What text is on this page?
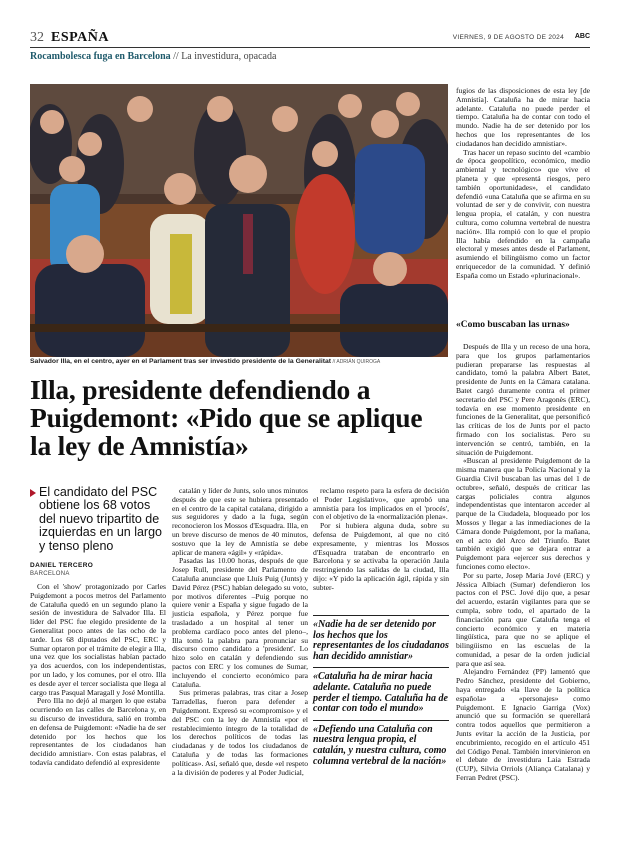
32 ESPAÑA	VIERNES, 9 DE AGOSTO DE 2024 ABC
Rocambolesca fuga en Barcelona // La investidura, opacada
Salvador Illa, en el centro, ayer en el Parlament tras ser investido presidente de la Generalitat // ADRIÁN QUIROGA
Illa, presidente defendiendo a Puigdemont: «Pido que se aplique la ley de Amnistía»
El candidato del PSC obtiene los 68 votos del nuevo tripartito de izquierdas en un largo y tenso pleno
DANIEL TERCERO
BARCELONA

Con el 'show' protagonizado por Carles Puigdemont a pocos metros del Parlamento de Cataluña quedó en un segundo plano la sesión de investidura de Salvador Illa. El líder del PSC fue elegido presidente de la Generalitat poco antes de las ocho de la tarde. Los 68 diputados del PSC, ERC y Sumar optaron por el trámite de elegir a Illa, una vez que los socialistas habían pactado ya dos acuerdos, con los independentistas, por un lado, y los comunes, por el otro. Illa es desde ayer el tercer socialista que llega al cargo tras Pasqual Maragall y José Montilla.

Pero Illa no dejó al margen lo que estaba ocurriendo en las calles de Barcelona y, en su discurso de investidura, salió en tromba en defensa de Puigdemont: «Nadie ha de ser detenido por los hechos que los representantes de los ciudadanos han decidido amnistiar». Con estas palabras, el todavía candidato defendió al expresidente

catalán y líder de Junts, solo unos minutos después de que este se hubiera presentado en el centro de la capital catalana, dirigido a sus seguidores y dado a la fuga, según reconocieron los Mossos d'Esquadra. Illa, en un breve discurso de menos de 40 minutos, sostuvo que la ley de Amnistía se debe aplicar de manera «ágil» y «rápida».

Pasadas las 10.00 horas, después de que Josep Rull, presidente del Parlamento de Cataluña anunciase que Lluís Puig (Junts) y David Pérez (PSC) habían delegado su voto, por motivos diferentes –Puig porque no quiere venir a España y sigue fugado de la justicia española, y Pérez porque fue trasladado a un hospital al tener un problema cardíaco poco antes del pleno–, Illa tomó la palabra para pronunciar su discurso como candidato a 'president'. Lo hizo solo en catalán y defendiendo sus pactos con ERC y los comunes de Sumar, incluyendo el concierto económico para Cataluña.

Sus primeras palabras, tras citar a Josep Tarradellas, fueron para defender a Puigdemont. Expresó su «compromiso» y el del PSC con la ley de Amnistía «por el restablecimiento íntegro de la totalidad de los derechos políticos de todas las ciudadanas y de todos los ciudadanos de Cataluña y de todas las formaciones políticas». Así, señaló que, desde «el respeto a la división de poderes y al Poder Judicial,

reclamo respeto para la esfera de decisión el Poder Legislativo», que aprobó una amnistía para los implicados en el 'procés', con el objetivo de la «normalización plena».

Por si hubiera alguna duda, sobre su defensa de Puigdemont, al que no citó expresamente, y mientras los Mossos d'Esquadra trataban de encontrarlo en Barcelona y se activaba la operación Jaula restringiendo las salidas de la ciudad, Illa dijo: «Y pido la aplicación ágil, rápida y sin subter-

«Nadie ha de ser detenido por los hechos que los representantes de los ciudadanos han decidido amnistiar»
«Cataluña ha de mirar hacia adelante. Cataluña no puede perder el tiempo. Cataluña ha de contar con todo el mundo»
«Defiendo una Cataluña con nuestra lengua propia, el catalán, y nuestra cultura, como columna vertebral de la nación»

fugios de las disposiciones de esta ley [de Amnistía]. Cataluña ha de mirar hacia adelante. Cataluña no puede perder el tiempo. Cataluña ha de contar con todo el mundo. Nadie ha de ser detenido por los hechos que los representantes de los ciudadanos han decidido amnistiar».

Tras hacer un repaso sucinto del «cambio de época geopolítico, económico, medio ambiental y tecnológico» que vive el planeta y que «presentá riesgos, pero también oportunidades», el candidato defendió «una Cataluña que se afirma en su voluntad de ser y de convivir, con nuestra lengua propia, el catalán, y con nuestra cultura, como columna vertebral de nuestra nación». Illa rompió con lo que el propio Illa había defendido en la campaña electoral y meses antes desde el Parlament, asumiendo el bilingüismo como un factor enriquecedor de la comunidad. Y definió España como un Estado «plurinacional».

«Como buscaban las urnas»

Después de Illa y un receso de una hora, para que los grupos parlamentarios pudieran prepararse las respuestas al candidato, tomó la palabra Albert Batet, presidente de Junts en la Cámara catalana. Batet cargó duramente contra el primer secretario del PSC y Pere Aragonès (ERC), todavía en ese momento presidente en funciones de la Generalitat, que personificó las críticas de los de Junts por el pacto firmado con los socialistas. Pero su intervención se centró, también, en la situación de Puigdemont.

«Buscan al presidente Puigdemont de la misma manera que la Policía Nacional y la Guardia Civil buscaban las urnas del 1 de octubre», señaló, después de criticar las cargas policiales contra algunos independentistas que intentaron acceder al parque de la Ciudadela, bloqueado por los Mossos y llegar a las inmediaciones de la Cámara donde Puigdemont, por la mañana, en el acto del Arco del Triunfo. Batet también exigió que se dejara entrar a Puigdemont para «ejercer sus derechos y funciones como electo».

Por su parte, Josep Maria Jové (ERC) y Jéssica Albiach (Sumar) defendieron los pactos con el PSC. Jové dijo que, a pesar del acuerdo, estarán vigilantes para que se cumpla, sobre todo, el apartado de la financiación para que Cataluña tenga el concierto económico y en materia lingüística, para que no se aplique el bilingüismo en las escuelas de la comunidad, a pesar de la orden judicial para que así sea.

Alejandro Fernández (PP) lamentó que Pedro Sánchez, presidente del Gobierno, haya entregado «la llave de la política española» a «personajes» como Puigdemont. E Ignacio Garriga (Vox) anunció que su formación se querellará contra todos aquellos que permitieron a Junts evitar la acción de la Justicia, por encubrimiento, recogido en el artículo 451 del Código Penal. También intervinieron en el debate de investidura Laia Estrada (CUP), Silvia Orriols (Aliança Catalana) y Ferran Pedret (PSC).
